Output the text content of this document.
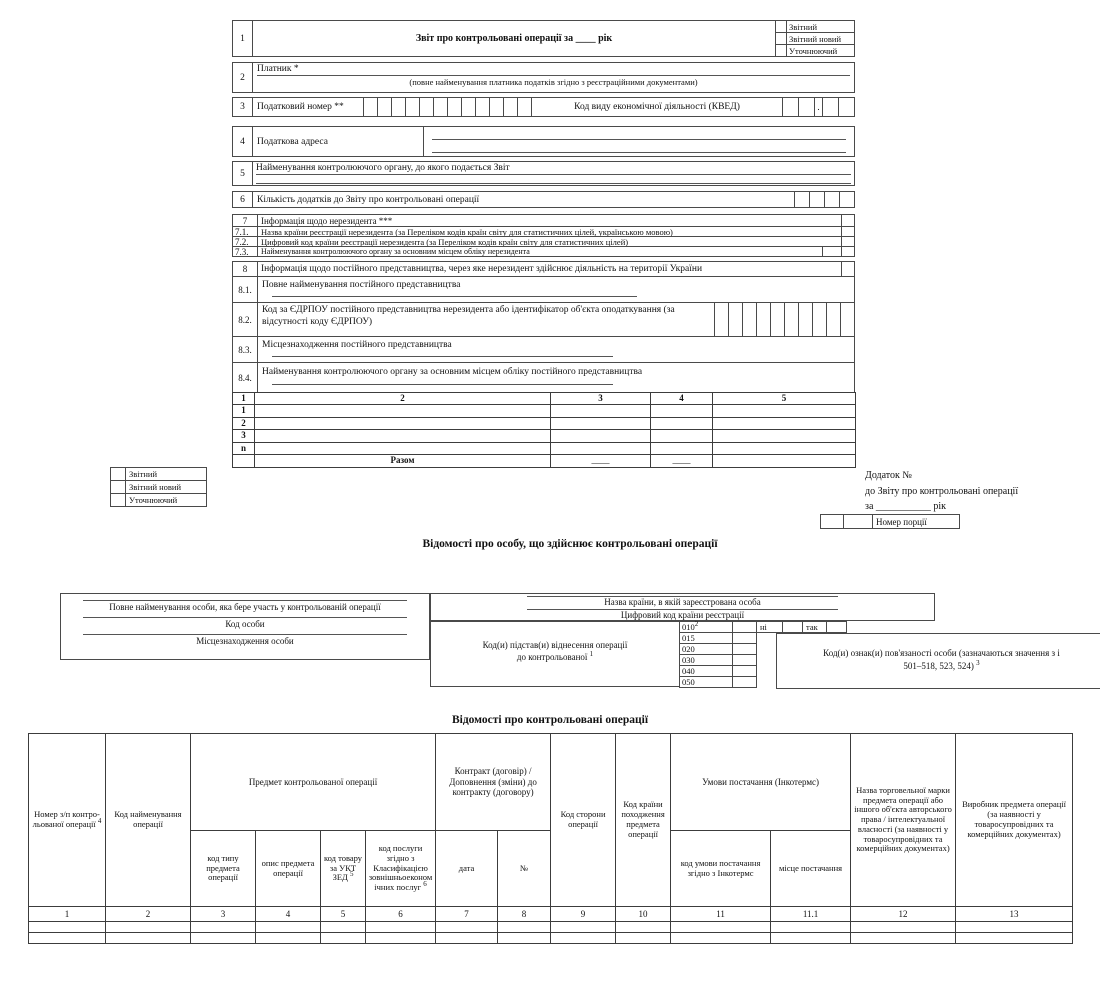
1	Звіт про контрольовані операції за ____ рік
Звітний
Звітний новий
Уточнюючий
2
Платник *
(повне найменування платника податків згідно з реєстраційними документами)
3	Податковий номер **	Код виду економічної діяльності (КВЕД)	.
4	Податкова адреса
5
Найменування контролюючого органу, до якого подається Звіт
6	Кількість додатків до Звіту про контрольовані операції
7	Інформація щодо нерезидента ***
7.1.	Назва країни реєстрації нерезидента (за Переліком кодів країн світу для статистичних цілей, українською мовою)
7.2.	Цифровий код країни реєстрації нерезидента (за Переліком кодів країн світу для статистичних цілей)
7.3.	Найменування контролюючого органу за основним місцем обліку нерезидента
8	Інформація щодо постійного представництва, через яке нерезидент здійснює діяльність на території України
8.1.	Повне найменування постійного представництва
8.2.
Код за ЄДРПОУ постійного представництва нерезидента або ідентифікатор об'єкта оподаткування (за відсутності коду ЄДРПОУ)
8.3.	Місцезнаходження постійного представництва
8.4.
Найменування контролюючого органу за основним місцем обліку постійного представництва
1	2	3	4	5
1				
2				
3				
n				
	Разом	____	____	
Звітний
Звітний новий
Уточнюючий
Додаток №
до Звіту про контрольовані операції
за ___________ рік
Номер порції
Відомості про особу, що здійснює контрольовані операції
Повне найменування особи, яка бере участь у контрольованій операції
Код особи
Місцезнаходження особи
Назва країни, в якій зареєстрована особа
Цифровий код країни реєстрації
Код(и) підстав(и) віднесення операції
до контрольованої $^1$
$010^2$
015
020
030
040
050
ні	так
Код(и) ознак(и) пов'язаності особи (зазначаються значення з і
501–518, 523, 524) $^3$
Відомості про контрольовані операції
Номер з/п контро-льованої операції $^4$	Код найменування операції	Предмет контрольованої операції				Контракт (договір) / Доповнення (зміни) до контракту (договору)		Код сторони операції	Код країни походження предмета операції	Умови постачання (Інкотермс)		Назва торговельної марки предмета операції або іншого об'єкта авторського права / інтелектуальної власності (за наявності у товаросупровідних та комерційних документах)	Виробник предмета операції (за наявності у товаросупровідних та комерційних документах)
		код типу предмета операції	опис предмета операції	код товару за УКТ ЗЕД $^5$	код послуги згідно з Класифікацією зовнішньоекономічних послуг $^6$	дата	№			код умови постачання згідно з Інкотермс	місце постачання		
1	2	3	4	5	6	7	8	9	10	11	11.1	12	13
